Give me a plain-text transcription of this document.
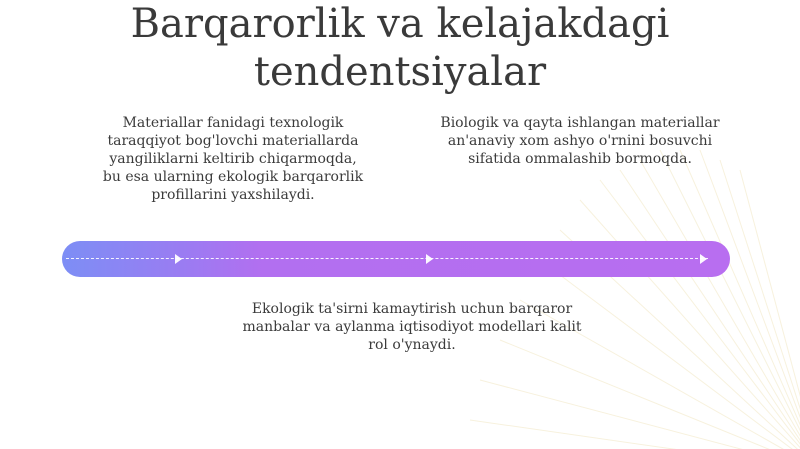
Barqarorlik va kelajakdagi tendentsiyalar

Materiallar fanidagi texnologik taraqqiyot bog'lovchi materiallarda yangiliklarni keltirib chiqarmoqda, bu esa ularning ekologik barqarorlik profillarini yaxshilaydi.

Biologik va qayta ishlangan materiallar an'anaviy xom ashyo o'rnini bosuvchi sifatida ommalashib bormoqda.

Ekologik ta'sirni kamaytirish uchun barqaror manbalar va aylanma iqtisodiyot modellari kalit rol o'ynaydi.
